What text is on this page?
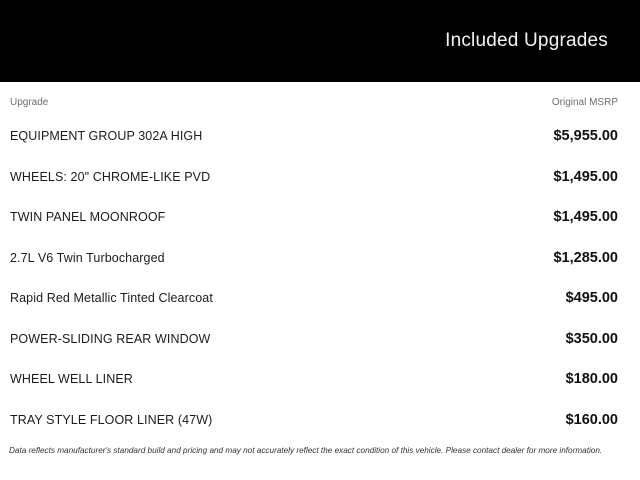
Included Upgrades
Upgrade	Original MSRP
EQUIPMENT GROUP 302A HIGH	$5,955.00
WHEELS: 20" CHROME-LIKE PVD	$1,495.00
TWIN PANEL MOONROOF	$1,495.00
2.7L V6 Twin Turbocharged	$1,285.00
Rapid Red Metallic Tinted Clearcoat	$495.00
POWER-SLIDING REAR WINDOW	$350.00
WHEEL WELL LINER	$180.00
TRAY STYLE FLOOR LINER (47W)	$160.00
Data reflects manufacturer's standard build and pricing and may not accurately reflect the exact condition of this vehicle. Please contact dealer for more information.
